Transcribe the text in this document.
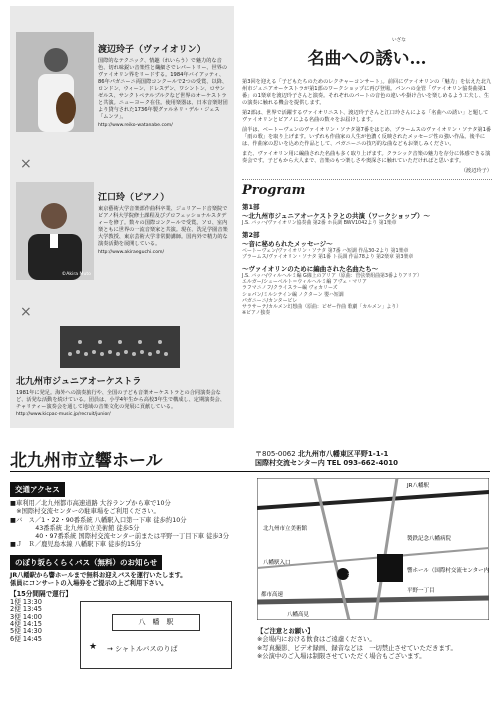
渡辺玲子（ヴァイオリン）
国際的なテクニック、情趣（れいらう）で魅力的な音色、切れ味鋭い音楽性と繊細さでレパートリー、世界のヴァイオリン界をリードする。1984年バイアッティ、86年パガニーニ両国際コンクールで2つの受賞、以降、ロンドン、ウィーン、ドレスデン、ワシントン、ロサンゼルス、サンクトペテルブルクなど世界のオーケストラと共演。ニューヨーク在住。使用楽器は、日本音楽財団より貸与された1736年製グァルネリ・デル・ジェス「ムンツ」。
http://www.reiko-watanabe.com/
×
©Akira Muto
江口玲（ピアノ）
東京藝術大学音楽部作曲科卒業、ジュリアード音楽院でピアノ科大学院修士課程及びプロフェッショナルスタディーを修了。数々の国際コンクールで受賞。ソロ、室内楽ともに世界の一流音楽家と共演。現在、洗足学園音楽大学教授、東京芸術大学非常勤講師。国内外で精力的な演奏活動を展開している。
http://www.akiraeguchi.com/
×
北九州市ジュニアオーケストラ
1981年に発足。海外への演奏旅行や、全国の子ども音楽オーケストラとの合同演奏会など、活発な活動を続けている。団員は、小学4年生から高校3年生で構成し、定期演奏会、チャリティー演奏会を通して地域の音楽文化の発展に貢献している。
http://www.kicpac-music.jp/recruit/junior/
いざな
名曲への誘い…

第3回を迎える「子どもたちのためのレクチャーコンサート」。前回にヴァイオリンの「魅力」を伝えた北九州市ジュニアオーケストラが第1部のワークショップに再び登場。パンハの金管「ヴァイオリン協奏曲第1番」の1楽章を渡辺玲子さんと演奏。それぞれのパートの音色の違いや掛け合いを楽しめるよう工夫し、生の演奏に触れる機会を提供します。

第2部は、世界で活躍するヴァイオリニスト、渡辺玲子さんと江口玲さんによる「名曲への誘い」と題してヴァイオリンとピアノによる名曲の数々をお届けします。

前半は、ベートーヴェンのヴァイオリン・ソナタ第7番をはじめ、ブラームスのヴァイオリン・ソナタ第1番「雨の歌」を取り上げます。いずれも作曲家の人生が色濃く反映されたメッセージ性の強い作品。後半には、作曲家の思いを込めた作品として、パガニーニの技巧的な曲などもお楽しみください。

また、ヴァイオリン用に編曲された名曲も多く取り上げます。クラシック音楽の魅力を存分に体感できる演奏会です。子どもから大人まで、音楽のもつ楽しさや奥深さに触れていただければと思います。

（渡辺玲子）
Program
第1部
〜北九州市ジュニアオーケストラとの共演（ワークショップ）〜
J.S. バッハ/ヴァイオリン協奏曲 第2番 ホ長調 BWV1042より 第1楽章
第2部
〜音に秘められたメッセージ〜
ベートーヴェン/ヴァイオリン・ソナタ 第7番 ハ短調 作品30-2より 第1楽章
ブラームス/ヴァイオリン・ソナタ 第1番 ト長調 作品78より 第2楽章 第3楽章
〜ヴァイオリンのために編曲された名曲たち〜
J.S. バッハ/ウィルヘルミ編 G線上のアリア（原曲：管弦楽組曲第3番よりアリア）
エルガー/シューベルト＝ウィルヘルミ編 アヴェ・マリア
ラフマニノフ/クライスラー編 ヴォカリーズ
ショパン/ミルシテイン編 ノクターン 嬰ハ短調
パガニーニ/カンタービレ
サラサーテ/カルメン幻想曲（原曲：ビゼー作曲 歌劇「カルメン」より）
※ピアノ独奏
北九州市立響ホール	〒805-0062 北九州市八幡東区平野1-1-1
国際村交流センター内 TEL 093-662-4010
交通アクセス
■車利用／北九州都市高速道路 大谷ランプから車で10分
　※国際村交流センターの駐車場をご利用ください。
■バ　ス／1・22・90番系統 八幡駅入口第一下車 徒歩約10分
　　　　43番系統 北九州市立美術館 徒歩5分
　　　　40・97番系統 国際村交流センター前または平野一丁目下車 徒歩3分
■Ｊ　Ｒ／鹿児島本線 八幡駅下車 徒歩約15分
のぼり坂らくらくバス（無料）のお知らせ
JR八幡駅から響ホールまで無料お迎えバスを運行いたします。
係員にコンサートの入場券をご提示の上ご利用下さい。
【15分間隔で運行】
1便 13:30
2便 13:45
3便 14:00
4便 14:15
5便 14:30
6便 14:45
八　幡　駅
★ → シャトルバスのりば
3
JR八幡駅
響ホール（国際村交流センター内）
北九州市立美術館
製鉄記念八幡病院
都市高速
平野一丁目
八幡駅入口
八幡高見
【ご注意とお願い】
※会場内における飲食はご遠慮ください。
※写真撮影、ビデオ録画、録音などは　一切禁止させていただきます。
※公演中のご入場は制限させていただく場合もございます。
